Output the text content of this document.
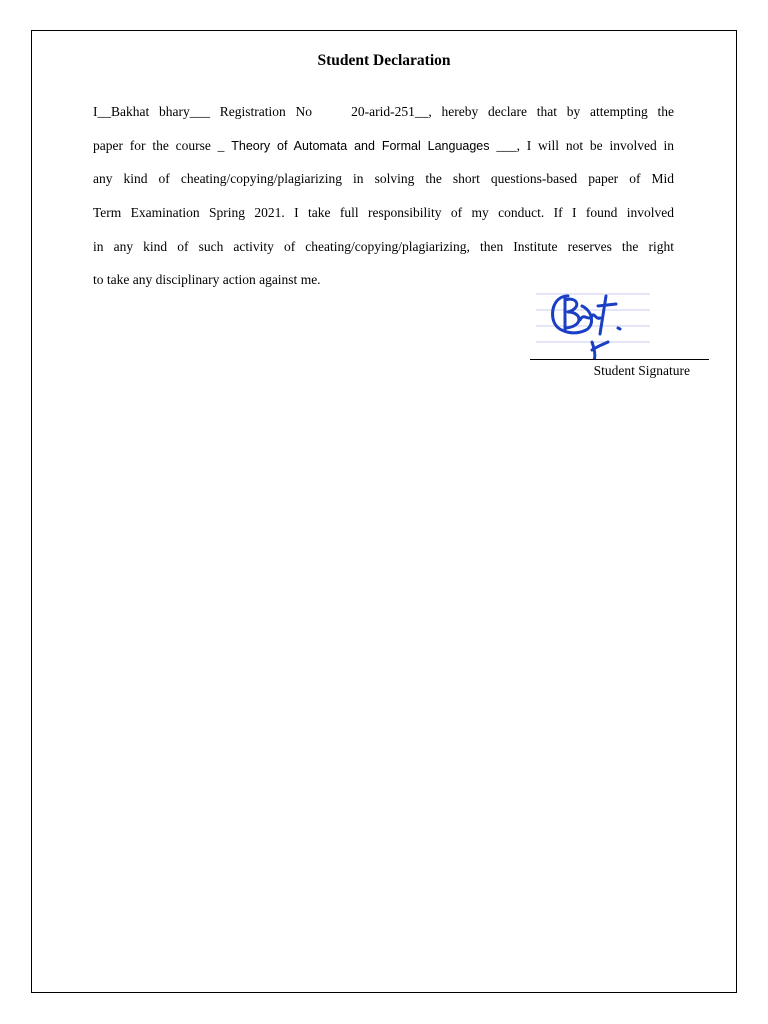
Student Declaration
I__Bakhat bhary___ Registration No    20-arid-251__, hereby declare that by attempting the
paper for the course _ Theory of Automata and Formal Languages ___, I will not be involved in
any kind of cheating/copying/plagiarizing in solving the short questions-based paper of Mid
Term Examination Spring 2021. I take full responsibility of my conduct. If I found involved
in any kind of such activity of cheating/copying/plagiarizing, then Institute reserves the right
to take any disciplinary action against me.
Student Signature
